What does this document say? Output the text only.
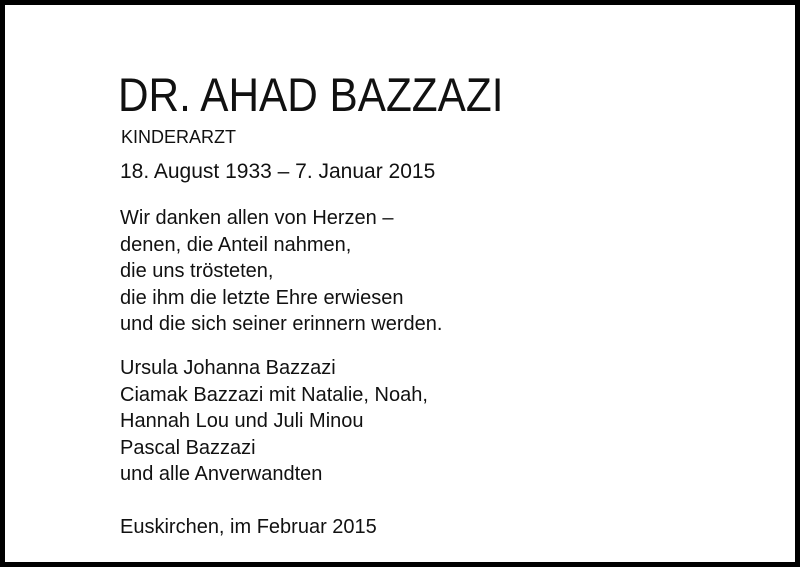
DR. AHAD BAZZAZI
KINDERARZT
18. August 1933 – 7. Januar 2015
Wir danken allen von Herzen –
denen, die Anteil nahmen,
die uns trösteten,
die ihm die letzte Ehre erwiesen
und die sich seiner erinnern werden.
Ursula Johanna Bazzazi
Ciamak Bazzazi mit Natalie, Noah,
Hannah Lou und Juli Minou
Pascal Bazzazi
und alle Anverwandten
Euskirchen, im Februar 2015
